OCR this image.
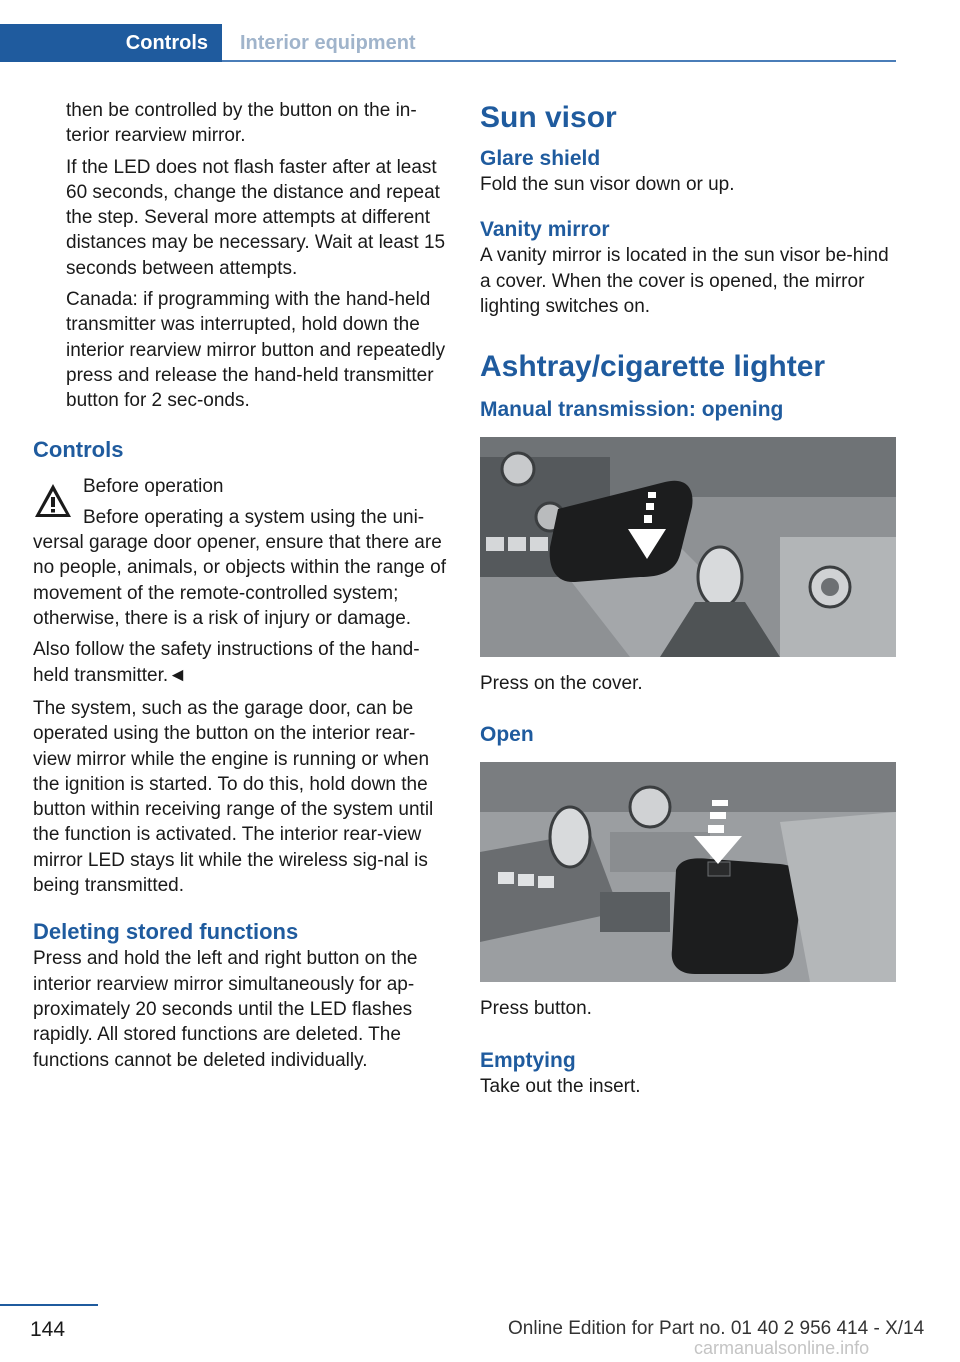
Controls	Interior equipment

then be controlled by the button on the in‐terior rearview mirror.

If the LED does not flash faster after at least 60 seconds, change the distance and repeat the step. Several more attempts at different distances may be necessary. Wait at least 15 seconds between attempts.

Canada: if programming with the hand‐held transmitter was interrupted, hold down the interior rearview mirror button and repeatedly press and release the hand-held transmitter button for 2 sec‐onds.

Controls

Before operation

Before operating a system using the uni‐versal garage door opener, ensure that there are no people, animals, or objects within the range of movement of the remote-controlled system; otherwise, there is a risk of injury or damage.

Also follow the safety instructions of the hand‐held transmitter.◄

The system, such as the garage door, can be operated using the button on the interior rear‐view mirror while the engine is running or when the ignition is started. To do this, hold down the button within receiving range of the system until the function is activated. The interior rear‐view mirror LED stays lit while the wireless sig‐nal is being transmitted.

Deleting stored functions

Press and hold the left and right button on the interior rearview mirror simultaneously for ap‐proximately 20 seconds until the LED flashes rapidly. All stored functions are deleted. The functions cannot be deleted individually.

Sun visor
Glare shield

Fold the sun visor down or up.

Vanity mirror

A vanity mirror is located in the sun visor be‐hind a cover. When the cover is opened, the mirror lighting switches on.

Ashtray/cigarette lighter
Manual transmission: opening

Press on the cover.

Open

Press button.

Emptying

Take out the insert.

144	Online Edition for Part no. 01 40 2 956 414 - X/14
carmanualsonline.info
